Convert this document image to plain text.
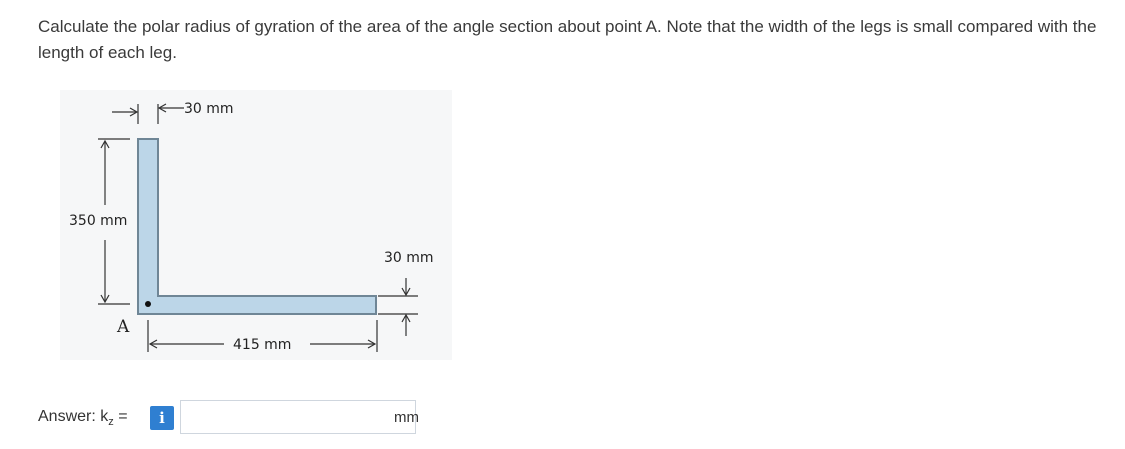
Calculate the polar radius of gyration of the area of the angle section about point A. Note that the width of the legs is small compared with the length of each leg.
30 mm
350 mm
A
30 mm
415 mm
Answer: $k_z$ =	i	mm
